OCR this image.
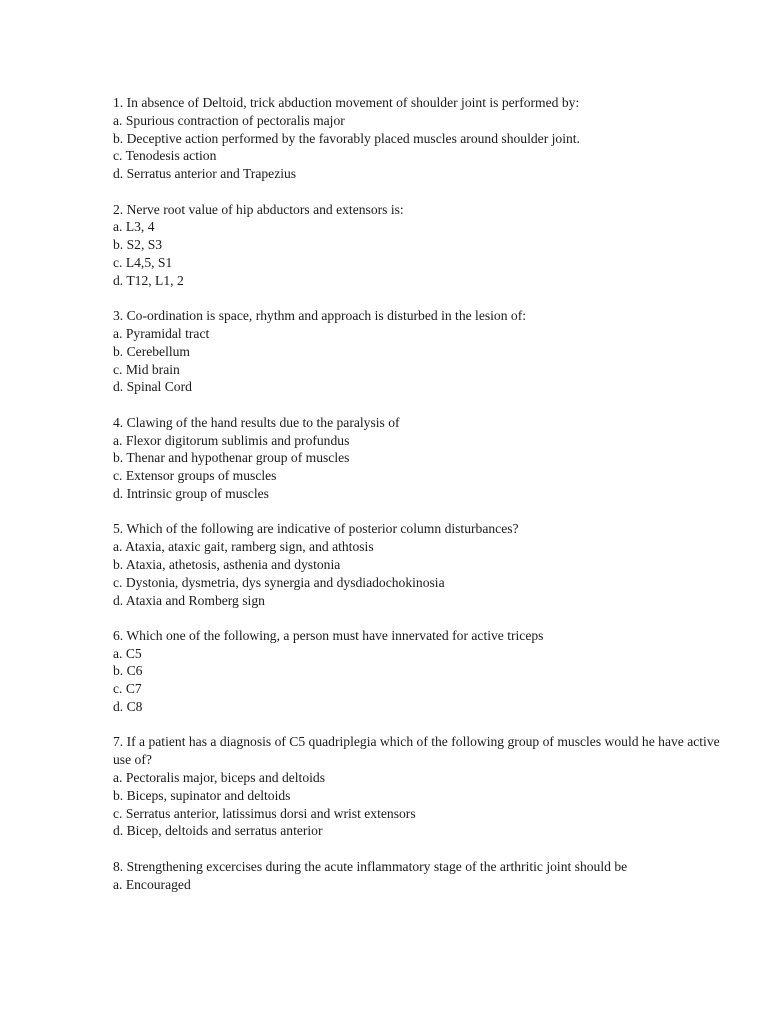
1. In absence of Deltoid, trick abduction movement of shoulder joint is performed by:

a. Spurious contraction of pectoralis major

b. Deceptive action performed by the favorably placed muscles around shoulder joint.

c. Tenodesis action

d. Serratus anterior and Trapezius

2. Nerve root value of hip abductors and extensors is:

a. L3, 4

b. S2, S3

c. L4,5, S1

d. T12, L1, 2

3. Co-ordination is space, rhythm and approach is disturbed in the lesion of:

a. Pyramidal tract

b. Cerebellum

c. Mid brain

d. Spinal Cord

4. Clawing of the hand results due to the paralysis of

a. Flexor digitorum sublimis and profundus

b. Thenar and hypothenar group of muscles

c. Extensor groups of muscles

d. Intrinsic group of muscles

5. Which of the following are indicative of posterior column disturbances?

a. Ataxia, ataxic gait, ramberg sign, and athtosis

b. Ataxia, athetosis, asthenia and dystonia

c. Dystonia, dysmetria, dys synergia and dysdiadochokinosia

d. Ataxia and Romberg sign

6. Which one of the following, a person must have innervated for active triceps

a. C5

b. C6

c. C7

d. C8

7. If a patient has a diagnosis of C5 quadriplegia which of the following group of muscles would he have active use of?

a. Pectoralis major, biceps and deltoids

b. Biceps, supinator and deltoids

c. Serratus anterior, latissimus dorsi and wrist extensors

d. Bicep, deltoids and serratus anterior

8. Strengthening excercises during the acute inflammatory stage of the arthritic joint should be

a. Encouraged
